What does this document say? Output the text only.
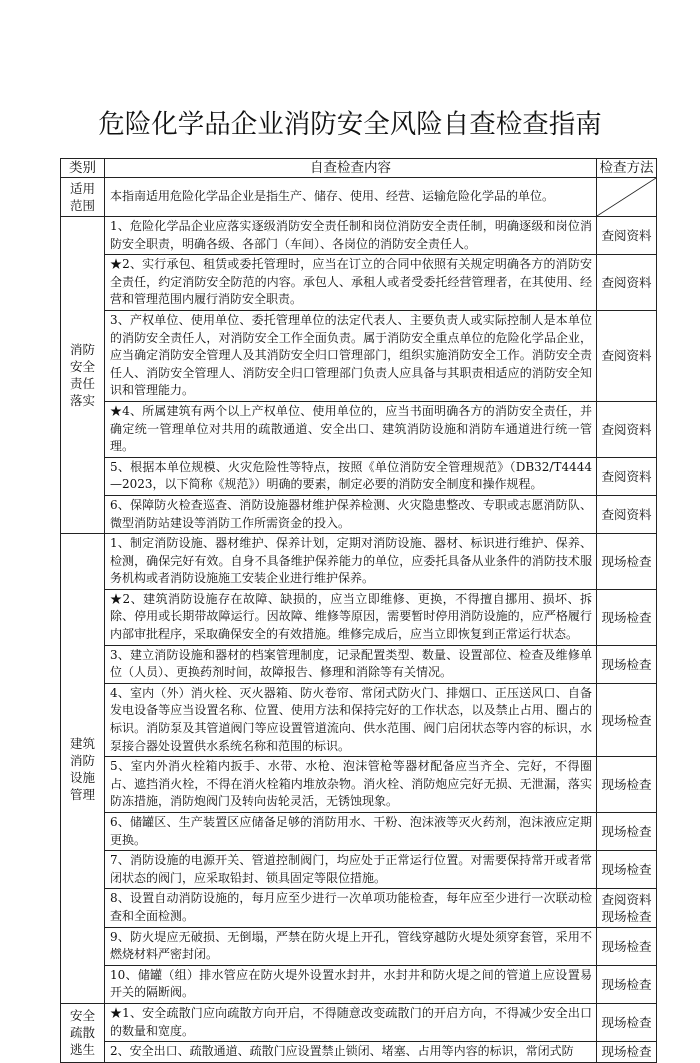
危险化学品企业消防安全风险自查检查指南
类别	自查检查内容	检查方法

适用
范围	本指南适用危险化学品企业是指生产、储存、使用、经营、运输危险化学品的单位。	

消防
安全
责任
落实	1、危险化学品企业应落实逐级消防安全责任制和岗位消防安全责任制，明确逐级和岗位消防安全职责，明确各级、各部门（车间）、各岗位的消防安全责任人。	查阅资料

	★2、实行承包、租赁或委托管理时，应当在订立的合同中依照有关规定明确各方的消防安全责任，约定消防安全防范的内容。承包人、承租人或者受委托经营管理者，在其使用、经营和管理范围内履行消防安全职责。	查阅资料

	3、产权单位、使用单位、委托管理单位的法定代表人、主要负责人或实际控制人是本单位的消防安全责任人，对消防安全工作全面负责。属于消防安全重点单位的危险化学品企业，应当确定消防安全管理人及其消防安全归口管理部门，组织实施消防安全工作。消防安全责任人、消防安全管理人、消防安全归口管理部门负责人应具备与其职责相适应的消防安全知识和管理能力。	查阅资料

	★4、所属建筑有两个以上产权单位、使用单位的，应当书面明确各方的消防安全责任，并确定统一管理单位对共用的疏散通道、安全出口、建筑消防设施和消防车通道进行统一管理。	查阅资料

	5、根据本单位规模、火灾危险性等特点，按照《单位消防安全管理规范》（DB32/T4444—2023，以下简称《规范》）明确的要素，制定必要的消防安全制度和操作规程。	查阅资料

	6、保障防火检查巡查、消防设施器材维护保养检测、火灾隐患整改、专职或志愿消防队、微型消防站建设等消防工作所需资金的投入。	查阅资料

建筑
消防
设施
管理	1、制定消防设施、器材维护、保养计划，定期对消防设施、器材、标识进行维护、保养、检测，确保完好有效。自身不具备维护保养能力的单位，应委托具备从业条件的消防技术服务机构或者消防设施施工安装企业进行维护保养。	现场检查

	★2、建筑消防设施存在故障、缺损的，应当立即维修、更换，不得擅自挪用、损坏、拆除、停用或长期带故障运行。因故障、维修等原因，需要暂时停用消防设施的，应严格履行内部审批程序，采取确保安全的有效措施。维修完成后，应当立即恢复到正常运行状态。	现场检查

	3、建立消防设施和器材的档案管理制度，记录配置类型、数量、设置部位、检查及维修单位（人员）、更换药剂时间，故障报告、修理和消除等有关情况。	现场检查

	4、室内（外）消火栓、灭火器箱、防火卷帘、常闭式防火门、排烟口、正压送风口、自备发电设备等应当设置名称、位置、使用方法和保持完好的工作状态，以及禁止占用、圈占的标识。消防泵及其管道阀门等应设置管道流向、供水范围、阀门启闭状态等内容的标识，水泵接合器处设置供水系统名称和范围的标识。	现场检查

	5、室内外消火栓箱内扳手、水带、水枪、泡沫管枪等器材配备应当齐全、完好，不得圈占、遮挡消火栓，不得在消火栓箱内堆放杂物。消火栓、消防炮应完好无损、无泄漏，落实防冻措施，消防炮阀门及转向齿轮灵活，无锈蚀现象。	现场检查

	6、储罐区、生产装置区应储备足够的消防用水、干粉、泡沫液等灭火药剂，泡沫液应定期更换。	现场检查

	7、消防设施的电源开关、管道控制阀门，均应处于正常运行位置。对需要保持常开或者常闭状态的阀门，应采取铅封、锁具固定等限位措施。	现场检查

	8、设置自动消防设施的，每月应至少进行一次单项功能检查，每年应至少进行一次联动检查和全面检测。	查阅资料
现场检查

	9、防火堤应无破损、无倒塌，严禁在防火堤上开孔，管线穿越防火堤处须穿套管，采用不燃烧材料严密封闭。	现场检查

	10、储罐（组）排水管应在防火堤外设置水封井，水封井和防火堤之间的管道上应设置易开关的隔断阀。	现场检查

安全
疏散
逃生	★1、安全疏散门应向疏散方向开启，不得随意改变疏散门的开启方向，不得减少安全出口的数量和宽度。	现场检查

	2、安全出口、疏散通道、疏散门应设置禁止锁闭、堵塞、占用等内容的标识，常闭式防	现场检查
